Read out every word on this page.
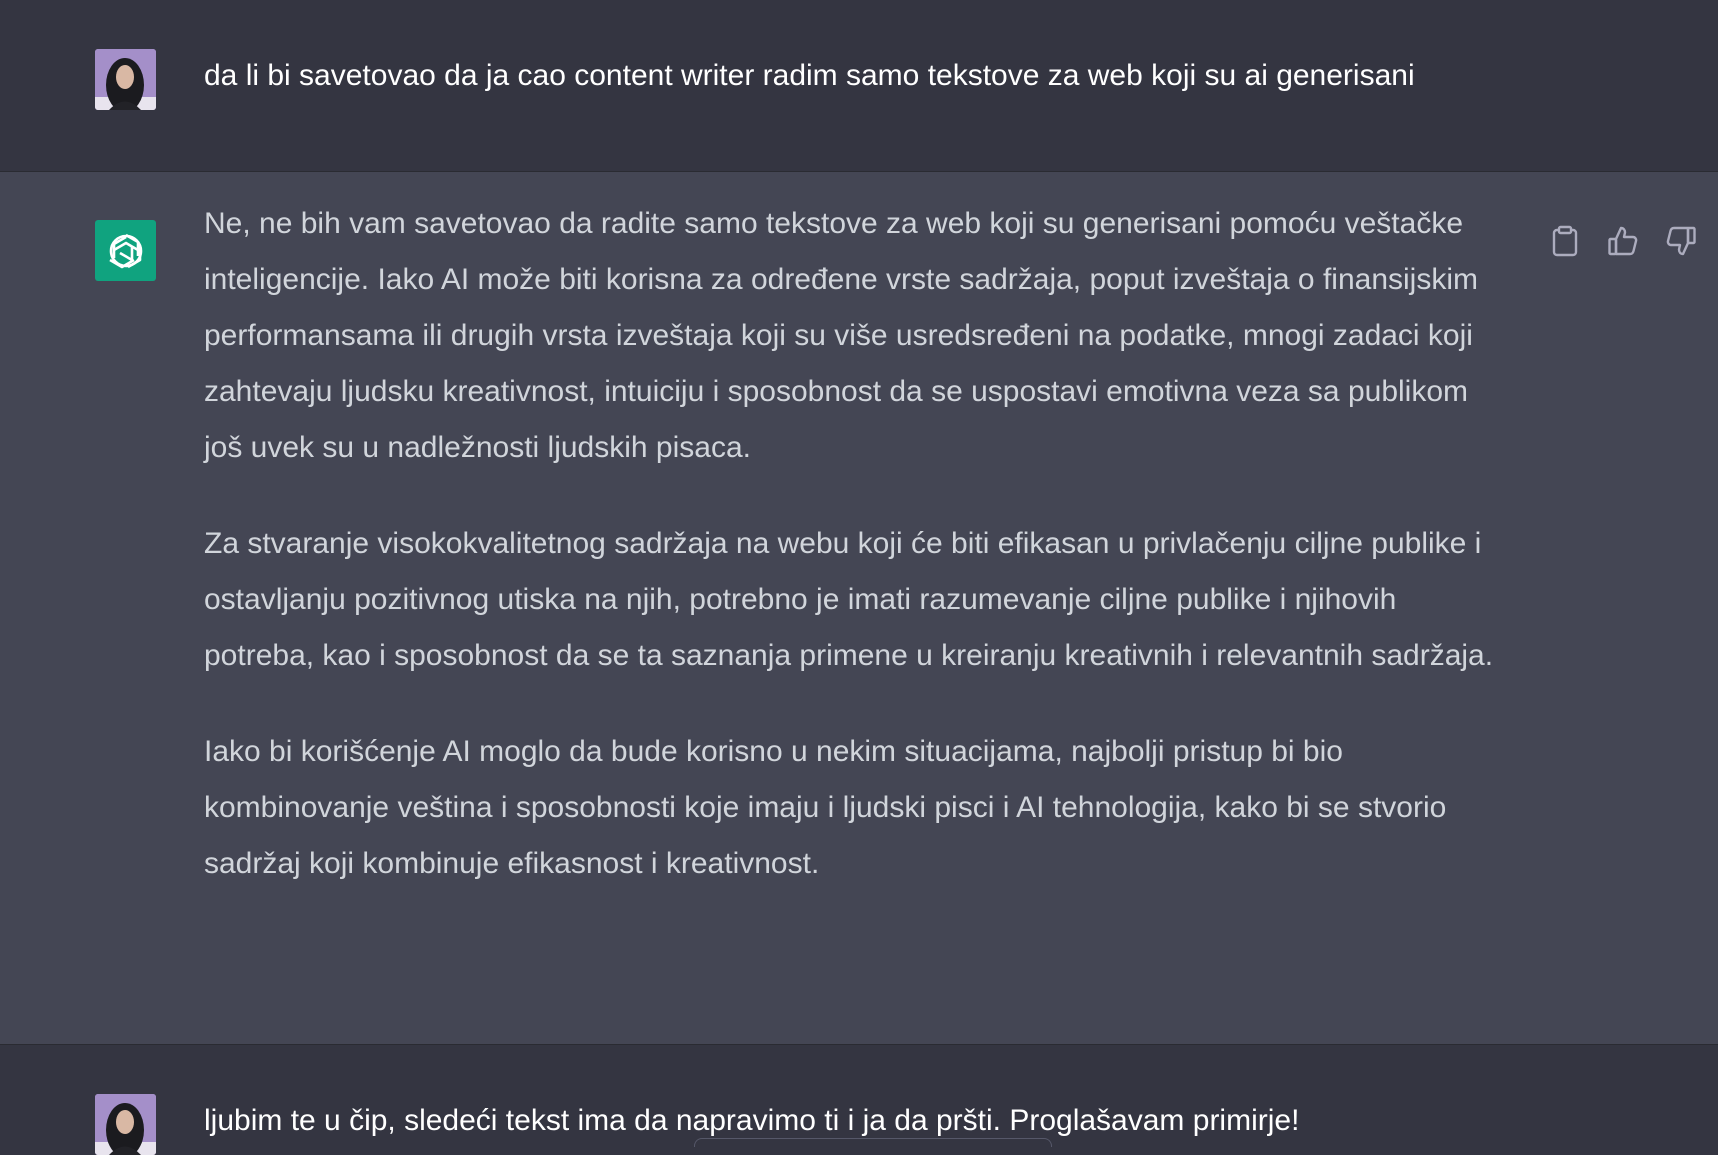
da li bi savetovao da ja cao content writer radim samo tekstove za web koji su ai generisani

Ne, ne bih vam savetovao da radite samo tekstove za web koji su generisani pomoću veštačke inteligencije. Iako AI može biti korisna za određene vrste sadržaja, poput izveštaja o finansijskim performansama ili drugih vrsta izveštaja koji su više usredsređeni na podatke, mnogi zadaci koji zahtevaju ljudsku kreativnost, intuiciju i sposobnost da se uspostavi emotivna veza sa publikom još uvek su u nadležnosti ljudskih pisaca.

Za stvaranje visokokvalitetnog sadržaja na webu koji će biti efikasan u privlačenju ciljne publike i ostavljanju pozitivnog utiska na njih, potrebno je imati razumevanje ciljne publike i njihovih potreba, kao i sposobnost da se ta saznanja primene u kreiranju kreativnih i relevantnih sadržaja.

Iako bi korišćenje AI moglo da bude korisno u nekim situacijama, najbolji pristup bi bio kombinovanje veština i sposobnosti koje imaju i ljudski pisci i AI tehnologija, kako bi se stvorio sadržaj koji kombinuje efikasnost i kreativnost.

ljubim te u čip, sledeći tekst ima da napravimo ti i ja da pršti. Proglašavam primirje!
